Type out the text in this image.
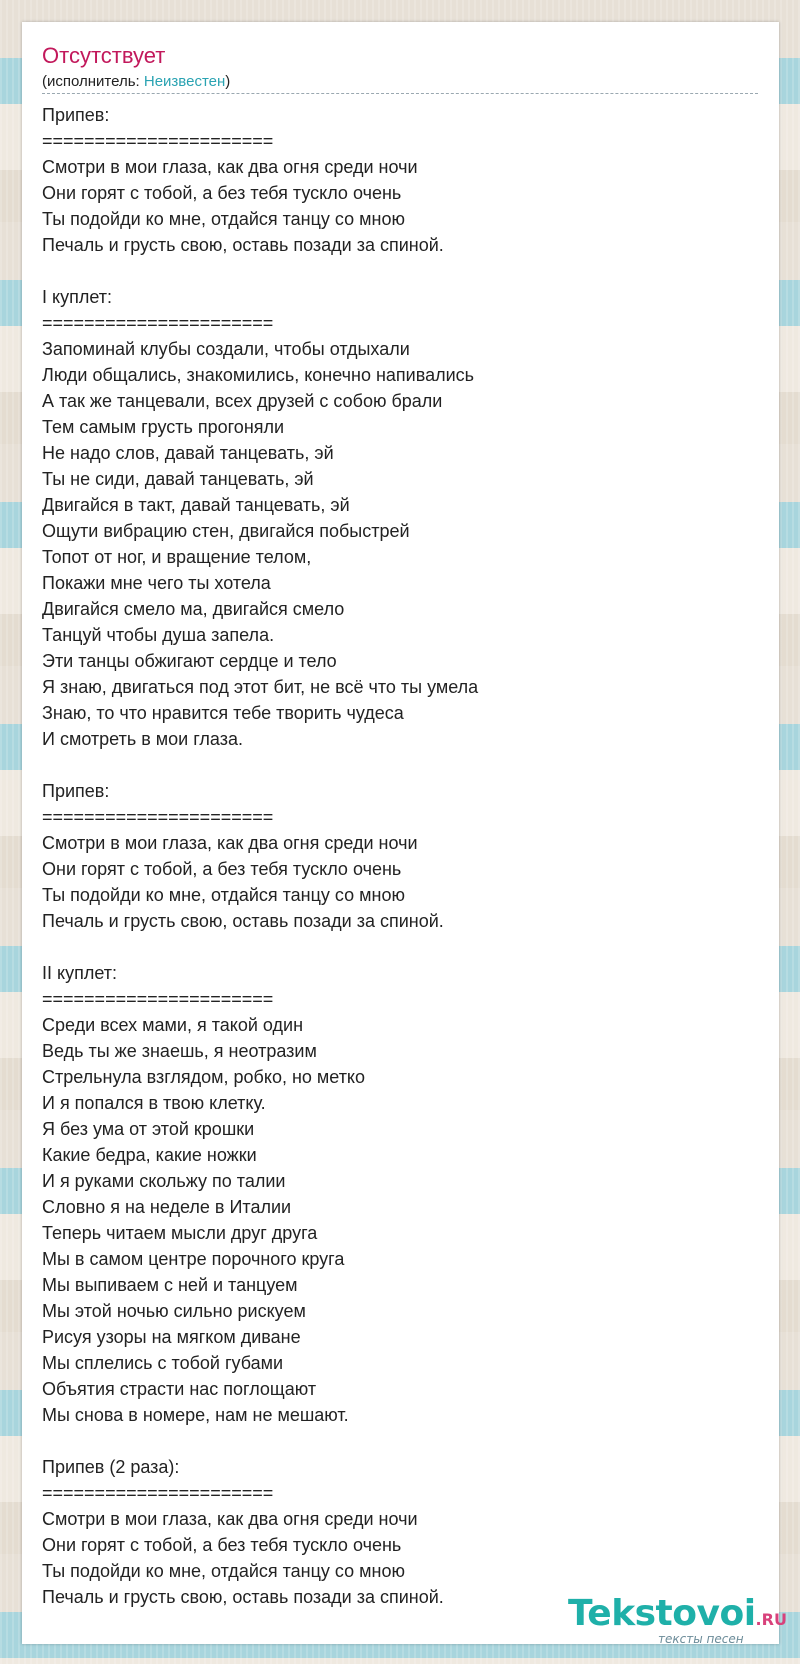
Отсутствует
(исполнитель: Неизвестен)
Припев:
======================
Смотри в мои глаза, как два огня среди ночи
Они горят с тобой, а без тебя тускло очень
Ты подойди ко мне, отдайся танцу со мною
Печаль и грусть свою, оставь позади за спиной.
I куплет:
======================
Запоминай клубы создали, чтобы отдыхали
Люди общались, знакомились, конечно напивались
А так же танцевали, всех друзей с собою брали
Тем самым грусть прогоняли
Не надо слов, давай танцевать, эй
Ты не сиди, давай танцевать, эй
Двигайся в такт, давай танцевать, эй
Ощути вибрацию стен, двигайся побыстрей
Топот от ног, и вращение телом,
Покажи мне чего ты хотела
Двигайся смело ма, двигайся смело
Танцуй чтобы душа запела.
Эти танцы обжигают сердце и тело
Я знаю, двигаться под этот бит, не всё что ты умела
Знаю, то что нравится тебе творить чудеса
И смотреть в мои глаза.
Припев:
======================
Смотри в мои глаза, как два огня среди ночи
Они горят с тобой, а без тебя тускло очень
Ты подойди ко мне, отдайся танцу со мною
Печаль и грусть свою, оставь позади за спиной.
II куплет:
======================
Среди всех мами, я такой один
Ведь ты же знаешь, я неотразим
Стрельнула взглядом, робко, но метко
И я попался в твою клетку.
Я без ума от этой крошки
Какие бедра, какие ножки
И я руками скольжу по талии
Словно я на неделе в Италии
Теперь читаем мысли друг друга
Мы в самом центре порочного круга
Мы выпиваем с ней и танцуем
Мы этой ночью сильно рискуем
Рисуя узоры на мягком диване
Мы сплелись с тобой губами
Объятия страсти нас поглощают
Мы снова в номере, нам не мешают.
Припев (2 раза):
======================
Смотри в мои глаза, как два огня среди ночи
Они горят с тобой, а без тебя тускло очень
Ты подойди ко мне, отдайся танцу со мною
Печаль и грусть свою, оставь позади за спиной.	Tekstovoi.RU
тексты песен
